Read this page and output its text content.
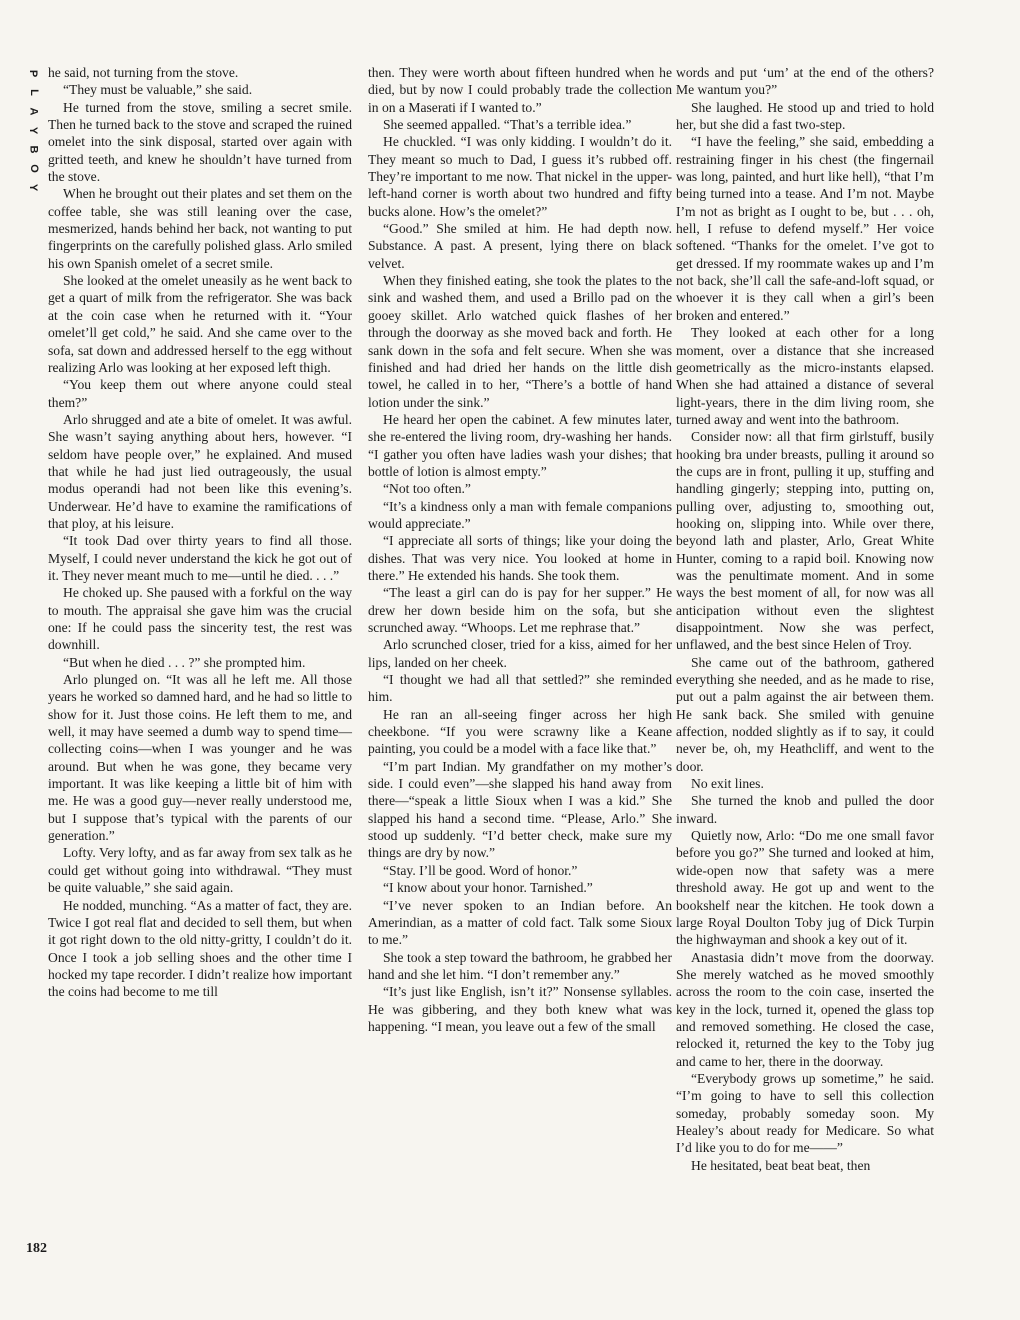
P
L
A
Y
B
O
Y

he said, not turning from the stove.

“They must be valuable,” she said.

He turned from the stove, smiling a secret smile. Then he turned back to the stove and scraped the ruined omelet into the sink disposal, started over again with gritted teeth, and knew he shouldn’t have turned from the stove.

When he brought out their plates and set them on the coffee table, she was still leaning over the case, mesmerized, hands behind her back, not wanting to put fingerprints on the carefully polished glass. Arlo smiled his own Spanish omelet of a secret smile.

She looked at the omelet uneasily as he went back to get a quart of milk from the refrigerator. She was back at the coin case when he returned with it. “Your omelet’ll get cold,” he said. And she came over to the sofa, sat down and addressed herself to the egg without realizing Arlo was looking at her exposed left thigh.

“You keep them out where anyone could steal them?”

Arlo shrugged and ate a bite of omelet. It was awful. She wasn’t saying anything about hers, however. “I seldom have people over,” he explained. And mused that while he had just lied outrageously, the usual modus operandi had not been like this evening’s. Underwear. He’d have to examine the ramifications of that ploy, at his leisure.

“It took Dad over thirty years to find all those. Myself, I could never understand the kick he got out of it. They never meant much to me—until he died. . . .”

He choked up. She paused with a forkful on the way to mouth. The appraisal she gave him was the crucial one: If he could pass the sincerity test, the rest was downhill.

“But when he died . . . ?” she prompted him.

Arlo plunged on. “It was all he left me. All those years he worked so damned hard, and he had so little to show for it. Just those coins. He left them to me, and well, it may have seemed a dumb way to spend time—collecting coins—when I was younger and he was around. But when he was gone, they became very important. It was like keeping a little bit of him with me. He was a good guy—never really understood me, but I suppose that’s typical with the parents of our generation.”

Lofty. Very lofty, and as far away from sex talk as he could get without going into withdrawal. “They must be quite valuable,” she said again.

He nodded, munching. “As a matter of fact, they are. Twice I got real flat and decided to sell them, but when it got right down to the old nitty-gritty, I couldn’t do it. Once I took a job selling shoes and the other time I hocked my tape recorder. I didn’t realize how important the coins had become to me till

then. They were worth about fifteen hundred when he died, but by now I could probably trade the collection in on a Maserati if I wanted to.”

She seemed appalled. “That’s a terrible idea.”

He chuckled. “I was only kidding. I wouldn’t do it. They meant so much to Dad, I guess it’s rubbed off. They’re important to me now. That nickel in the upper-left-hand corner is worth about two hundred and fifty bucks alone. How’s the omelet?”

“Good.” She smiled at him. He had depth now. Substance. A past. A present, lying there on black velvet.

When they finished eating, she took the plates to the sink and washed them, and used a Brillo pad on the gooey skillet. Arlo watched quick flashes of her through the doorway as she moved back and forth. He sank down in the sofa and felt secure. When she was finished and had dried her hands on the little dish towel, he called in to her, “There’s a bottle of hand lotion under the sink.”

He heard her open the cabinet. A few minutes later, she re-entered the living room, dry-washing her hands. “I gather you often have ladies wash your dishes; that bottle of lotion is almost empty.”

“Not too often.”

“It’s a kindness only a man with female companions would appreciate.”

“I appreciate all sorts of things; like your doing the dishes. That was very nice. You looked at home in there.” He extended his hands. She took them.

“The least a girl can do is pay for her supper.” He drew her down beside him on the sofa, but she scrunched away. “Whoops. Let me rephrase that.”

Arlo scrunched closer, tried for a kiss, aimed for her lips, landed on her cheek.

“I thought we had all that settled?” she reminded him.

He ran an all-seeing finger across her high cheekbone. “If you were scrawny like a Keane painting, you could be a model with a face like that.”

“I’m part Indian. My grandfather on my mother’s side. I could even”—she slapped his hand away from there—“speak a little Sioux when I was a kid.” She slapped his hand a second time. “Please, Arlo.” She stood up suddenly. “I’d better check, make sure my things are dry by now.”

“Stay. I’ll be good. Word of honor.”

“I know about your honor. Tarnished.”

“I’ve never spoken to an Indian before. An Amerindian, as a matter of cold fact. Talk some Sioux to me.”

She took a step toward the bathroom, he grabbed her hand and she let him. “I don’t remember any.”

“It’s just like English, isn’t it?” Nonsense syllables. He was gibbering, and they both knew what was happening. “I mean, you leave out a few of the small

words and put ‘um’ at the end of the others? Me wantum you?”

She laughed. He stood up and tried to hold her, but she did a fast two-step.

“I have the feeling,” she said, embedding a restraining finger in his chest (the fingernail was long, painted, and hurt like hell), “that I’m being turned into a tease. And I’m not. Maybe I’m not as bright as I ought to be, but . . . oh, hell, I refuse to defend myself.” Her voice softened. “Thanks for the omelet. I’ve got to get dressed. If my roommate wakes up and I’m not back, she’ll call the safe-and-loft squad, or whoever it is they call when a girl’s been broken and entered.”

They looked at each other for a long moment, over a distance that she increased geometrically as the micro-instants elapsed. When she had attained a distance of several light-years, there in the dim living room, she turned away and went into the bathroom.

Consider now: all that firm girlstuff, busily hooking bra under breasts, pulling it around so the cups are in front, pulling it up, stuffing and handling gingerly; stepping into, putting on, pulling over, adjusting to, smoothing out, hooking on, slipping into. While over there, beyond lath and plaster, Arlo, Great White Hunter, coming to a rapid boil. Knowing now was the penultimate moment. And in some ways the best moment of all, for now was all anticipation without even the slightest disappointment. Now she was perfect, unflawed, and the best since Helen of Troy.

She came out of the bathroom, gathered everything she needed, and as he made to rise, put out a palm against the air between them. He sank back. She smiled with genuine affection, nodded slightly as if to say, it could never be, oh, my Heathcliff, and went to the door.

No exit lines.

She turned the knob and pulled the door inward.

Quietly now, Arlo: “Do me one small favor before you go?” She turned and looked at him, wide-open now that safety was a mere threshold away. He got up and went to the bookshelf near the kitchen. He took down a large Royal Doulton Toby jug of Dick Turpin the highwayman and shook a key out of it.

Anastasia didn’t move from the doorway. She merely watched as he moved smoothly across the room to the coin case, inserted the key in the lock, turned it, opened the glass top and removed something. He closed the case, relocked it, returned the key to the Toby jug and came to her, there in the doorway.

“Everybody grows up sometime,” he said. “I’m going to have to sell this collection someday, probably someday soon. My Healey’s about ready for Medicare. So what I’d like you to do for me——”

He hesitated, beat beat beat, then

182
